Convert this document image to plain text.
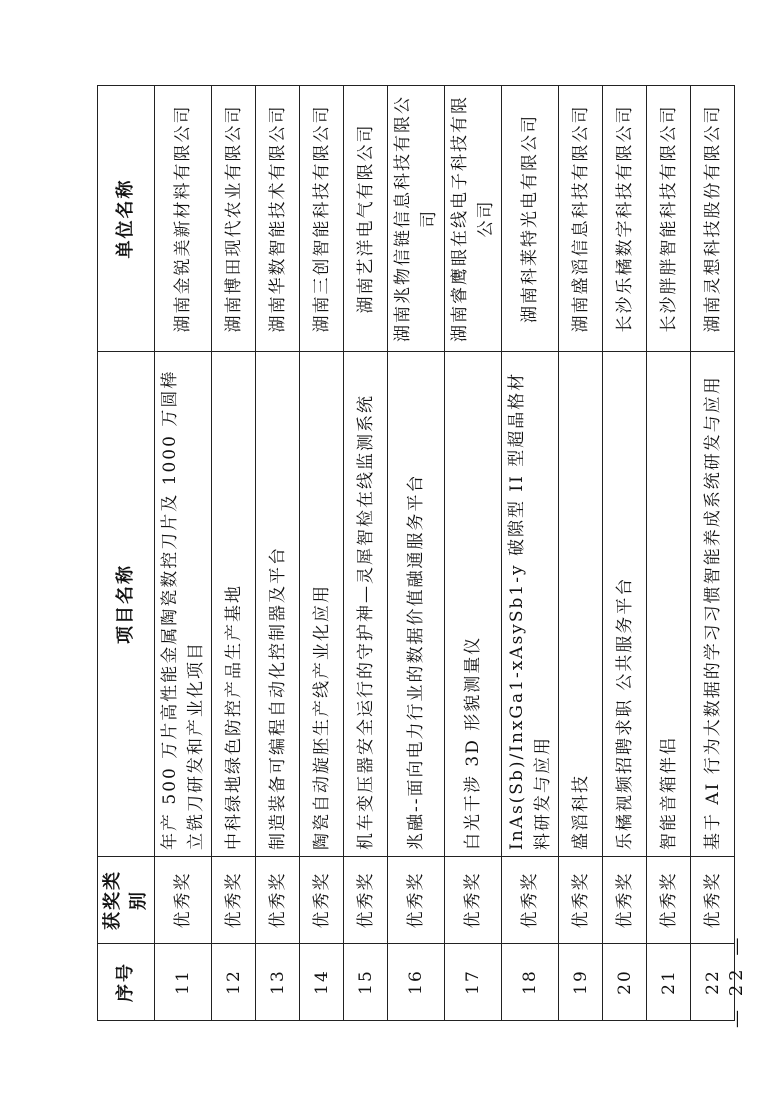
序号	获奖类别	项目名称	单位名称
11	优秀奖	年产 500 万片高性能金属陶瓷数控刀片及 1000 万圆棒立铣刀研发和产业化项目	湖南金锐美新材料有限公司
12	优秀奖	中科绿地绿色防控产品生产基地	湖南博田现代农业有限公司
13	优秀奖	制造装备可编程自动化控制器及平台	湖南华数智能技术有限公司
14	优秀奖	陶瓷自动旋胚生产线产业化应用	湖南三创智能科技有限公司
15	优秀奖	机车变压器安全运行的守护神—灵犀智检在线监测系统	湖南艺洋电气有限公司
16	优秀奖	兆融--面向电力行业的数据价值融通服务平台	湖南兆物信链信息科技有限公司
17	优秀奖	白光干涉 3D 形貌测量仪	湖南睿鹰眼在线电子科技有限公司
18	优秀奖	InAs(Sb)/InxGa1-xAsySb1-y 破隙型 II 型超晶格材料研发与应用	湖南科莱特光电有限公司
19	优秀奖	盛滔科技	湖南盛滔信息科技有限公司
20	优秀奖	乐橘视频招聘求职 公共服务平台	长沙乐橘数字科技有限公司
21	优秀奖	智能音箱伴侣	长沙胖胖智能科技有限公司
22	优秀奖	基于 AI 行为大数据的学习习惯智能养成系统研发与应用	湖南灵想科技股份有限公司
— 22 —
